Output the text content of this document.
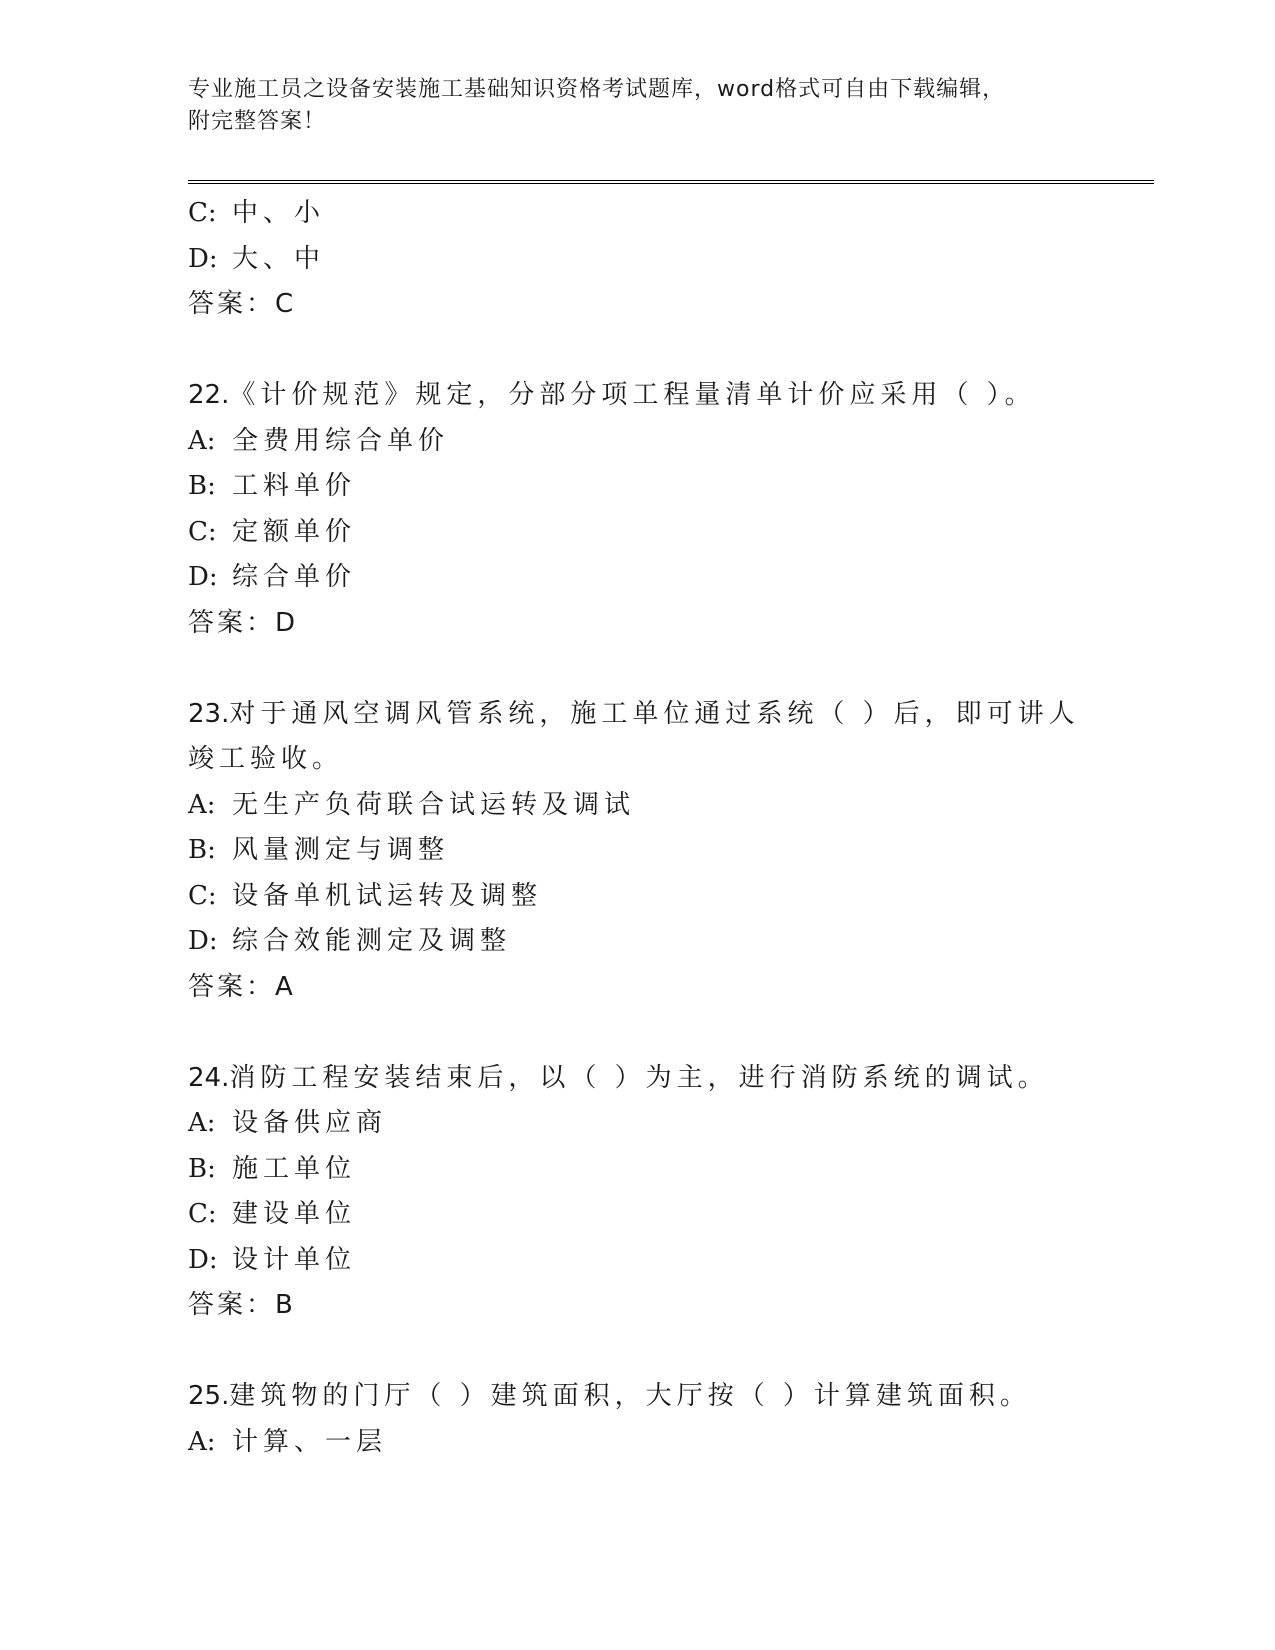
专业施工员之设备安装施工基础知识资格考试题库，word格式可自由下载编辑，
附完整答案！
C: 中、小
D: 大、中
答案：C
22.《计价规范》规定，分部分项工程量清单计价应采用（ ）。
A: 全费用综合单价
B: 工料单价
C: 定额单价
D: 综合单价
答案：D
23.对于通风空调风管系统，施工单位通过系统（ ）后，即可讲人竣工验收。
A: 无生产负荷联合试运转及调试
B: 风量测定与调整
C: 设备单机试运转及调整
D: 综合效能测定及调整
答案：A
24.消防工程安装结束后，以（ ）为主，进行消防系统的调试。
A: 设备供应商
B: 施工单位
C: 建设单位
D: 设计单位
答案：B
25.建筑物的门厅（ ）建筑面积，大厅按（ ）计算建筑面积。
A: 计算、一层
